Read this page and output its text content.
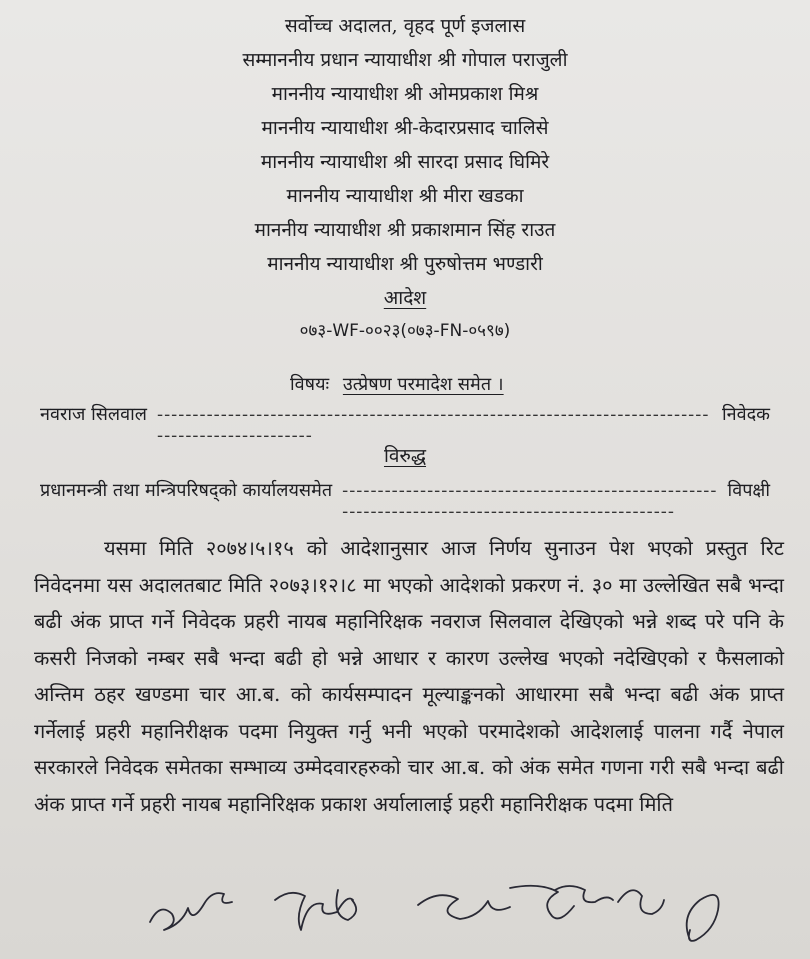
सर्वोच्च अदालत, वृहद पूर्ण इजलास
सम्माननीय प्रधान न्यायाधीश श्री गोपाल पराजुली
माननीय न्यायाधीश श्री ओमप्रकाश मिश्र
माननीय न्यायाधीश श्री-केदारप्रसाद चालिसे
माननीय न्यायाधीश श्री सारदा प्रसाद घिमिरे
माननीय न्यायाधीश श्री मीरा खडका
माननीय न्यायाधीश श्री प्रकाशमान सिंह राउत
माननीय न्यायाधीश श्री पुरुषोत्तम भण्डारी
आदेश
०७३-WF-००२३(०७३-FN-०५९७)
विषयः उत्प्रेषण परमादेश समेत ।
नवराज सिलवाल ----------------------------------------------------------------------------------------------------
निवेदक
विरुद्ध
प्रधानमन्त्री तथा मन्त्रिपरिषद्को कार्यालयसमेत ----------------------------------------------------------------------------------------------------
विपक्षी
यसमा मिति २०७४।५।१५ को आदेशानुसार आज निर्णय सुनाउन पेश भएको प्रस्तुत रिट निवेदनमा यस अदालतबाट मिति २०७३।१२।८ मा भएको आदेशको प्रकरण नं. ३० मा उल्लेखित सबै भन्दा बढी अंक प्राप्त गर्ने निवेदक प्रहरी नायब महानिरिक्षक नवराज सिलवाल देखिएको भन्ने शब्द परे पनि के कसरी निजको नम्बर सबै भन्दा बढी हो भन्ने आधार र कारण उल्लेख भएको नदेखिएको र फैसलाको अन्तिम ठहर खण्डमा चार आ.ब. को कार्यसम्पादन मूल्याङ्कनको आधारमा सबै भन्दा बढी अंक प्राप्त गर्नेलाई प्रहरी महानिरीक्षक पदमा नियुक्त गर्नु भनी भएको परमादेशको आदेशलाई पालना गर्दै नेपाल सरकारले निवेदक समेतका सम्भाव्य उम्मेदवारहरुको चार आ.ब. को अंक समेत गणना गरी सबै भन्दा बढी अंक प्राप्त गर्ने प्रहरी नायब महानिरिक्षक प्रकाश अर्यालालाई प्रहरी महानिरीक्षक पदमा मिति
